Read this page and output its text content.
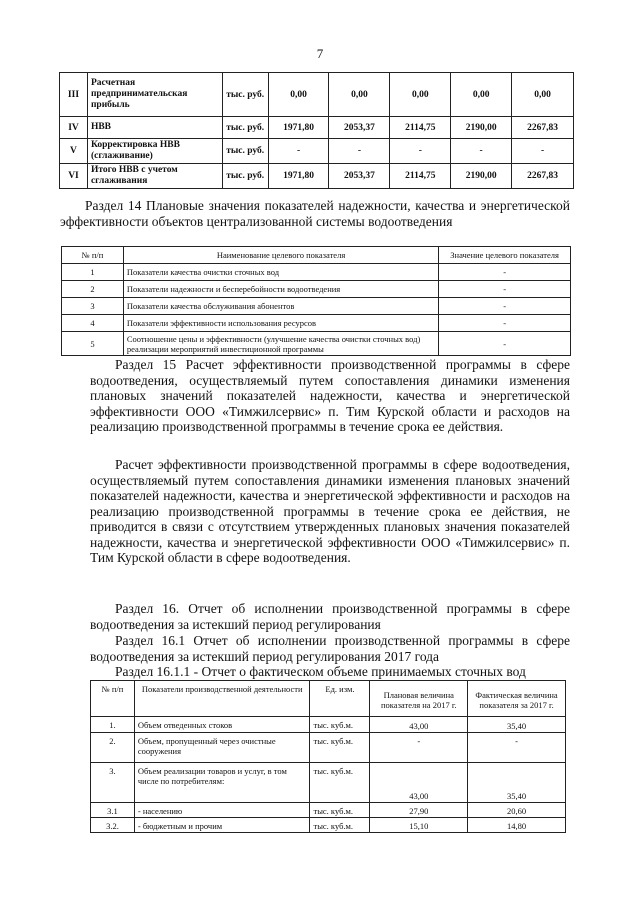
7
III	Расчетная предпринимательская прибыль	тыс. руб.	0,00	0,00	0,00	0,00	0,00
IV	НВВ	тыс. руб.	1971,80	2053,37	2114,75	2190,00	2267,83
V	Корректировка НВВ (сглаживание)	тыс. руб.	-	-	-	-	-
VI	Итого НВВ с учетом сглаживания	тыс. руб.	1971,80	2053,37	2114,75	2190,00	2267,83
Раздел 14 Плановые значения показателей надежности, качества и энергетической эффективности объектов централизованной системы водоотведения
№ п/п	Наименование целевого показателя	Значение целевого показателя
1	Показатели качества очистки сточных вод	-
2	Показатели надежности и бесперебойности водоотведения	-
3	Показатели качества обслуживания абонентов	-
4	Показатели эффективности использования ресурсов	-
5	Соотношение цены и эффективности (улучшение качества очистки сточных вод) реализации мероприятий инвестиционной программы	-
Раздел 15 Расчет эффективности производственной программы в сфере водоотведения, осуществляемый путем сопоставления динамики изменения плановых значений показателей надежности, качества и энергетической эффективности ООО «Тимжилсервис» п. Тим Курской области и расходов на реализацию производственной программы в течение срока ее действия.
Расчет эффективности производственной программы в сфере водоотведения, осуществляемый путем сопоставления динамики изменения плановых значений показателей надежности, качества и энергетической эффективности и расходов на реализацию производственной программы в течение срока ее действия, не приводится в связи с отсутствием утвержденных плановых значения показателей надежности, качества и энергетической эффективности ООО «Тимжилсервис» п. Тим Курской области в сфере водоотведения.
Раздел 16. Отчет об исполнении производственной программы в сфере водоотведения за истекший период регулирования
Раздел 16.1 Отчет об исполнении производственной программы в сфере водоотведения за истекший период регулирования 2017 года
Раздел 16.1.1 - Отчет о фактическом объеме принимаемых сточных вод
№ п/п	Показатели производственной деятельности	Ед. изм.	Плановая величина показателя на 2017 г.	Фактическая величина показателя за 2017 г.
1.	Объем отведенных стоков	тыс. куб.м.	43,00	35,40
2.	Объем, пропущенный через очистные сооружения	тыс. куб.м.	-	-
3.	Объем реализации товаров и услуг, в том числе по потребителям:	тыс. куб.м.	43,00	35,40
3.1	- населению	тыс. куб.м.	27,90	20,60
3.2.	- бюджетным и прочим	тыс. куб.м.	15,10	14,80
